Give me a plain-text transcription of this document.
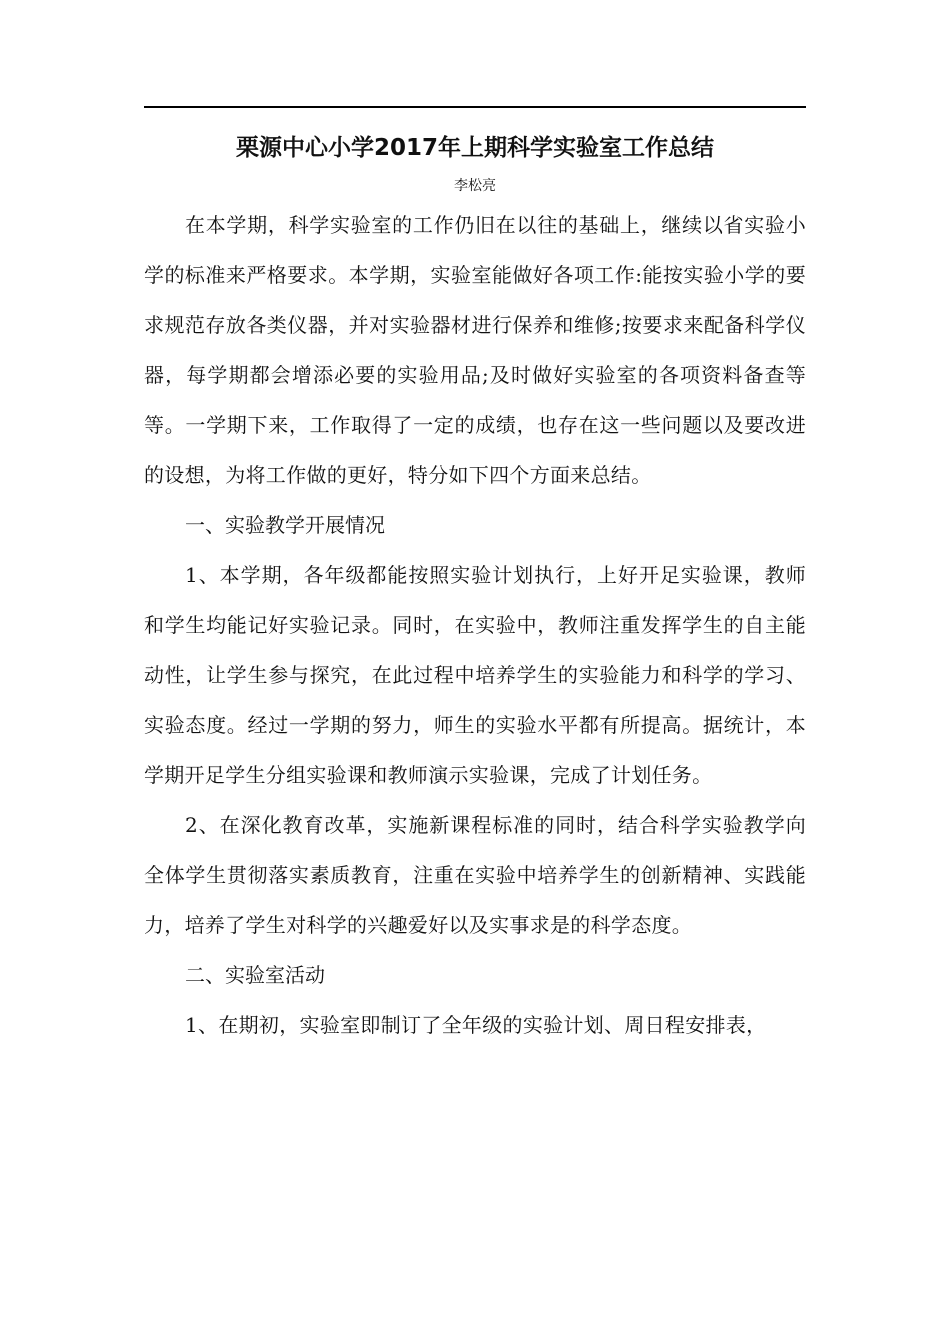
栗源中心小学2017年上期科学实验室工作总结
李松亮

在本学期，科学实验室的工作仍旧在以往的基础上，继续以省实验小学的标准来严格要求。本学期，实验室能做好各项工作:能按实验小学的要求规范存放各类仪器，并对实验器材进行保养和维修;按要求来配备科学仪器，每学期都会增添必要的实验用品;及时做好实验室的各项资料备查等等。一学期下来，工作取得了一定的成绩，也存在这一些问题以及要改进的设想，为将工作做的更好，特分如下四个方面来总结。

一、实验教学开展情况

1、本学期，各年级都能按照实验计划执行，上好开足实验课，教师和学生均能记好实验记录。同时，在实验中，教师注重发挥学生的自主能动性，让学生参与探究，在此过程中培养学生的实验能力和科学的学习、实验态度。经过一学期的努力，师生的实验水平都有所提高。据统计，本学期开足学生分组实验课和教师演示实验课，完成了计划任务。

2、在深化教育改革，实施新课程标准的同时，结合科学实验教学向全体学生贯彻落实素质教育，注重在实验中培养学生的创新精神、实践能力，培养了学生对科学的兴趣爱好以及实事求是的科学态度。

二、实验室活动

1、在期初，实验室即制订了全年级的实验计划、周日程安排表，
